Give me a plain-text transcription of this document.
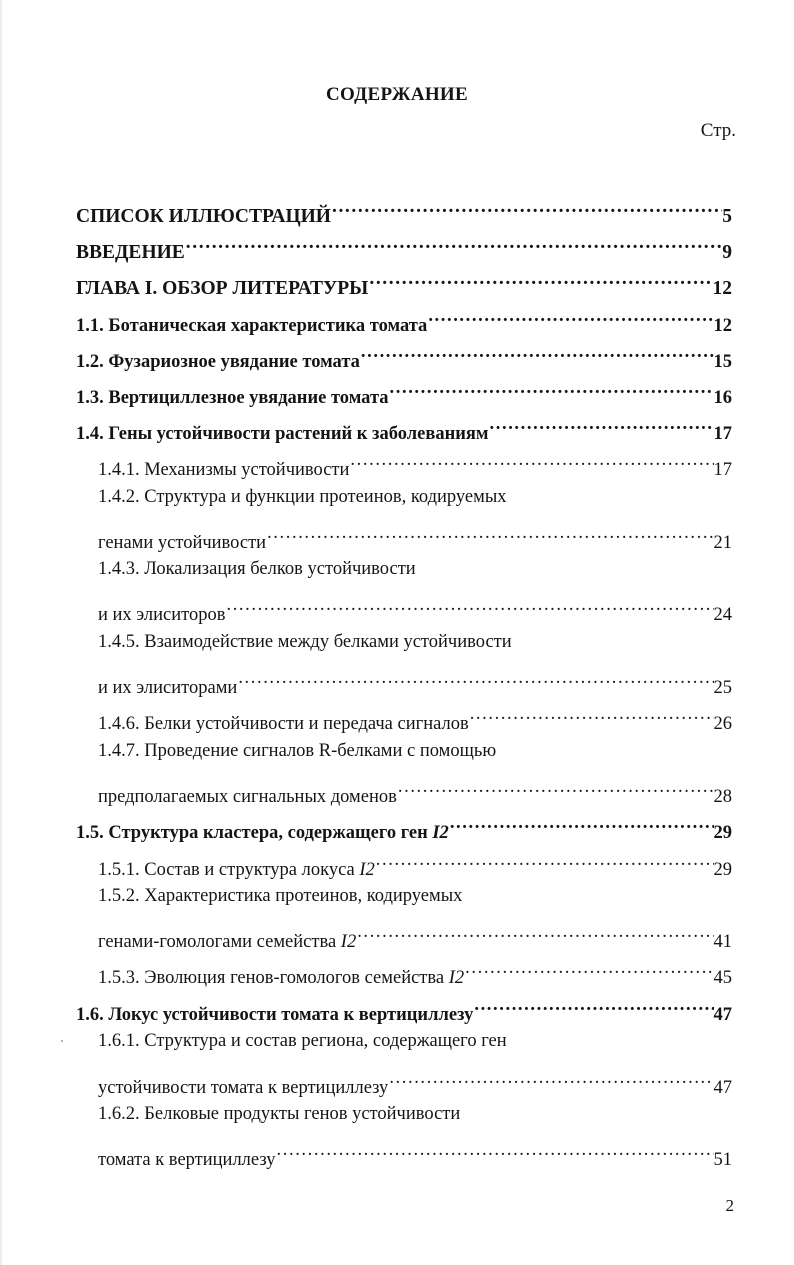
СОДЕРЖАНИЕ
Стр.
СПИСОК ИЛЛЮСТРАЦИЙ .....	5
ВВЕДЕНИЕ .....	9
ГЛАВА I. ОБЗОР ЛИТЕРАТУРЫ .....	12
1.1. Ботаническая характеристика томата .....	12
1.2. Фузариозное увядание томата .....	15
1.3. Вертициллезное увядание томата .....	16
1.4. Гены устойчивости растений к заболеваниям .....	17
1.4.1. Механизмы устойчивости .....	17
1.4.2. Структура и функции протеинов, кодируемых
генами устойчивости .....	21
1.4.3. Локализация белков устойчивости
и их элиситоров .....	24
1.4.5. Взаимодействие между белками устойчивости
и их элиситорами .....	25
1.4.6. Белки устойчивости и передача сигналов .....	26
1.4.7. Проведение сигналов R-белками с помощью
предполагаемых сигнальных доменов .....	28
1.5. Структура кластера, содержащего ген I2 .....	29
1.5.1. Состав и структура локуса I2 .....	29
1.5.2. Характеристика протеинов, кодируемых
генами-гомологами семейства I2 .....	41
1.5.3. Эволюция генов-гомологов семейства I2 .....	45
1.6. Локус устойчивости томата к вертициллезу .....	47
1.6.1. Структура и состав региона, содержащего ген
устойчивости томата к вертициллезу .....	47
1.6.2. Белковые продукты генов устойчивости
томата к вертициллезу .....	51
2
